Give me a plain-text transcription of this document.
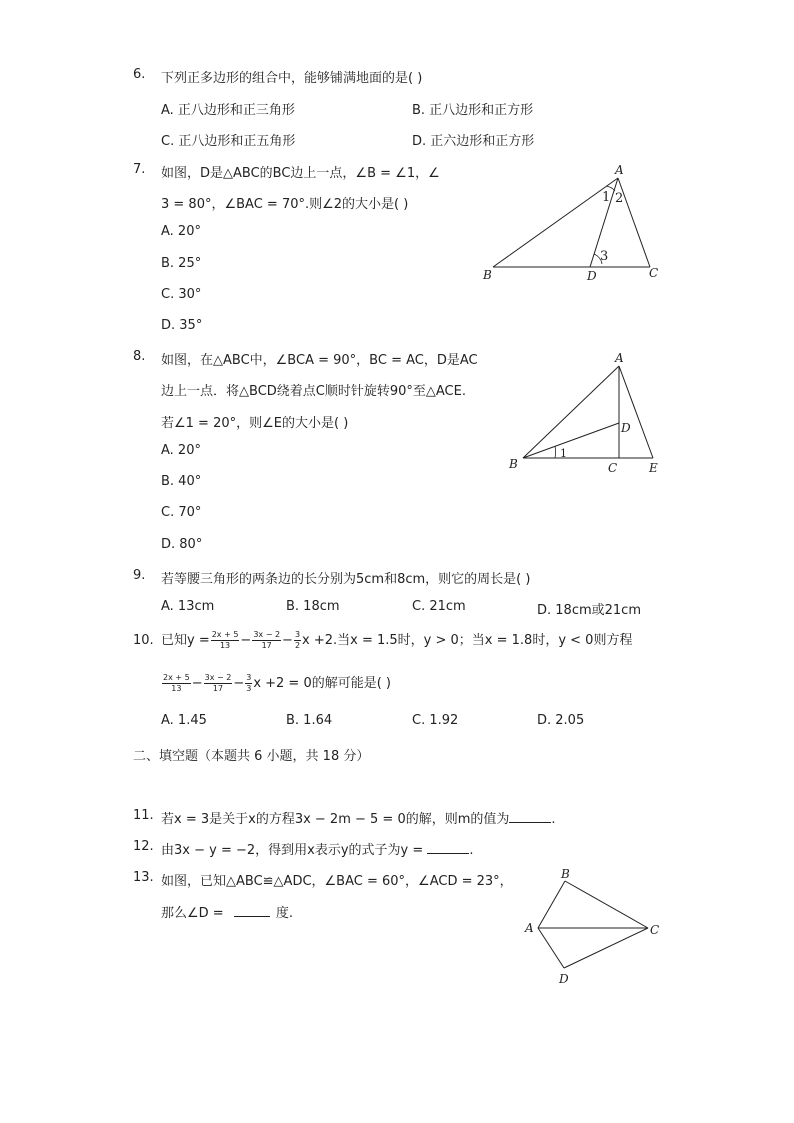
6. 下列正多边形的组合中，能够铺满地面的是( )
A. 正八边形和正三角形	B. 正八边形和正方形
C. 正八边形和正五角形	D. 正六边形和正方形
7. 如图，D是△ABC的BC边上一点，∠B = ∠1，∠
3 = 80°，∠BAC = 70°.则∠2的大小是( )
A. 20°
B. 25°
C. 30°
D. 35°
A
B	C
D
1 2
3
8. 如图，在△ABC中，∠BCA = 90°，BC = AC，D是AC
边上一点．将△BCD绕着点C顺时针旋转90°至△ACE.
若∠1 = 20°，则∠E的大小是( )
A. 20°
B. 40°
C. 70°
D. 80°
A
B	C
D
E
1
9. 若等腰三角形的两条边的长分别为5cm和8cm，则它的周长是( )
A. 13cm	B. 18cm	C. 21cm	D. 18cm或21cm
10. 已知$y = \frac{2x + 5}{13} - \frac{3x - 2}{17} - \frac{3}{2}$ x +2.当x = 1.5时，y > 0；当x = 1.8时，y < 0则方程
$\frac{2x + 5}{13} - \frac{3x - 2}{17} - \frac{3}{3}$ x +2 = 0的解可能是( )
A. 1.45	B. 1.64	C. 1.92	D. 2.05
二、填空题（本题共 6 小题，共 18 分）
11. 若x = 3是关于x的方程3x − 2m − 5 = 0的解，则m的值为	.
12. 由3x − y = −2，得到用x表示y的式子为y =	.
13. 如图，已知△ABC≌△ADC，∠BAC = 60°，∠ACD = 23°，
那么∠D =	度.
B
A	C
D
